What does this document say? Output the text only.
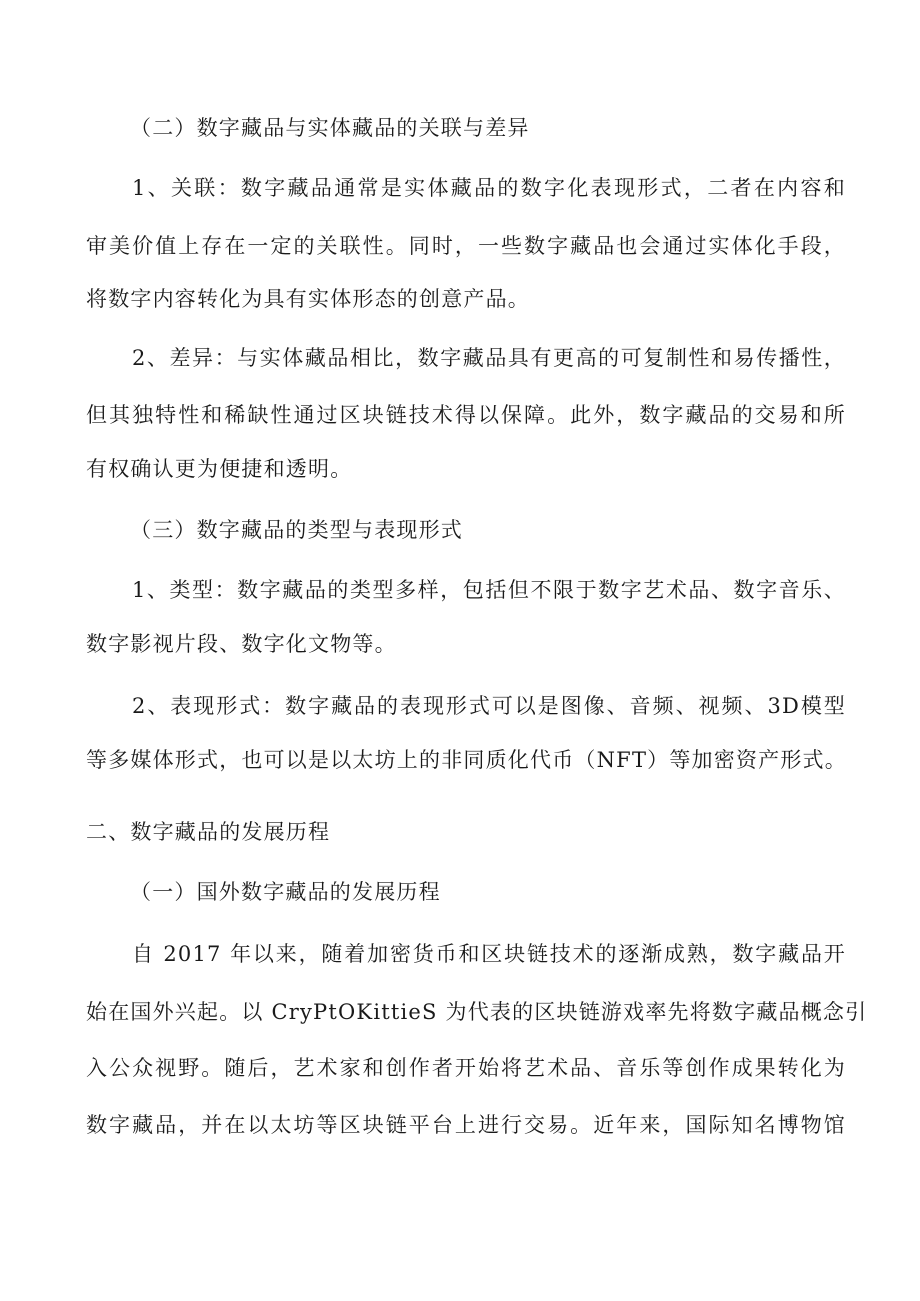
（二）数字藏品与实体藏品的关联与差异
1、关联：数字藏品通常是实体藏品的数字化表现形式，二者在内容和
审美价值上存在一定的关联性。同时，一些数字藏品也会通过实体化手段，
将数字内容转化为具有实体形态的创意产品。
2、差异：与实体藏品相比，数字藏品具有更高的可复制性和易传播性，
但其独特性和稀缺性通过区块链技术得以保障。此外，数字藏品的交易和所
有权确认更为便捷和透明。
（三）数字藏品的类型与表现形式
1、类型：数字藏品的类型多样，包括但不限于数字艺术品、数字音乐、
数字影视片段、数字化文物等。
2、表现形式：数字藏品的表现形式可以是图像、音频、视频、3D模型
等多媒体形式，也可以是以太坊上的非同质化代币（NFT）等加密资产形式。
二、数字藏品的发展历程
（一）国外数字藏品的发展历程
自 2017 年以来，随着加密货币和区块链技术的逐渐成熟，数字藏品开
始在国外兴起。以 CryPtOKittieS 为代表的区块链游戏率先将数字藏品概念引
入公众视野。随后，艺术家和创作者开始将艺术品、音乐等创作成果转化为
数字藏品，并在以太坊等区块链平台上进行交易。近年来，国际知名博物馆
